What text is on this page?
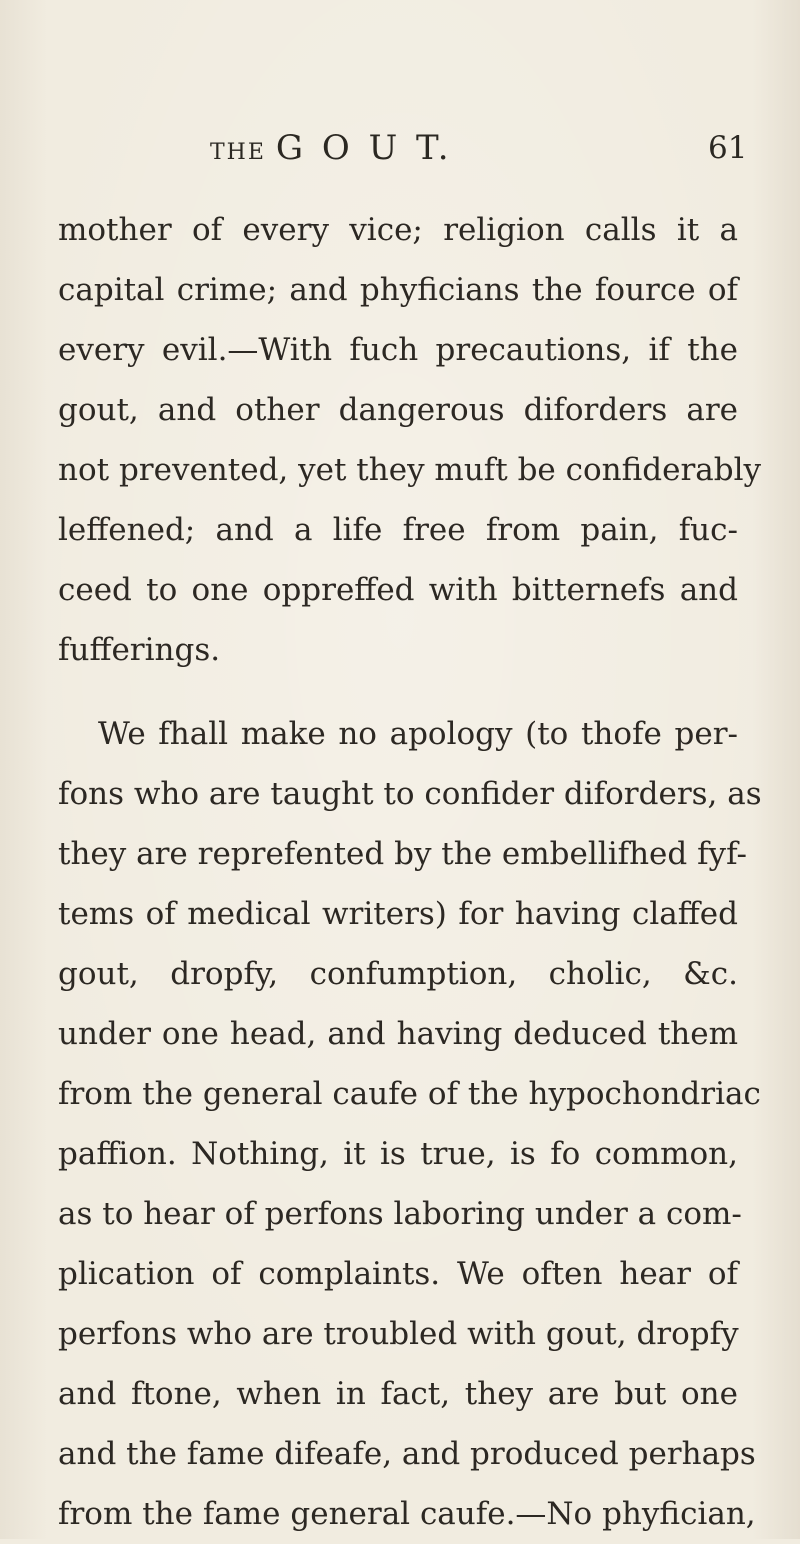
THE G O U T.	61
mother of every vice; religion calls it a
capital crime; and phyficians the fource of
every evil.—With fuch precautions, if the
gout, and other dangerous diforders are
not prevented, yet they muft be confiderably
leffened; and a life free from pain, fuc-
ceed to one oppreffed with bitternefs and
fufferings.
We fhall make no apology (to thofe per-
fons who are taught to confider diforders, as
they are reprefented by the embellifhed fyf-
tems of medical writers) for having claffed
gout, dropfy, confumption, cholic, &c.
under one head, and having deduced them
from the general caufe of the hypochondriac
paffion. Nothing, it is true, is fo common,
as to hear of perfons laboring under a com-
plication of complaints. We often hear of
perfons who are troubled with gout, dropfy
and ftone, when in fact, they are but one
and the fame difeafe, and produced perhaps
from the fame general caufe.—No phyfician,
